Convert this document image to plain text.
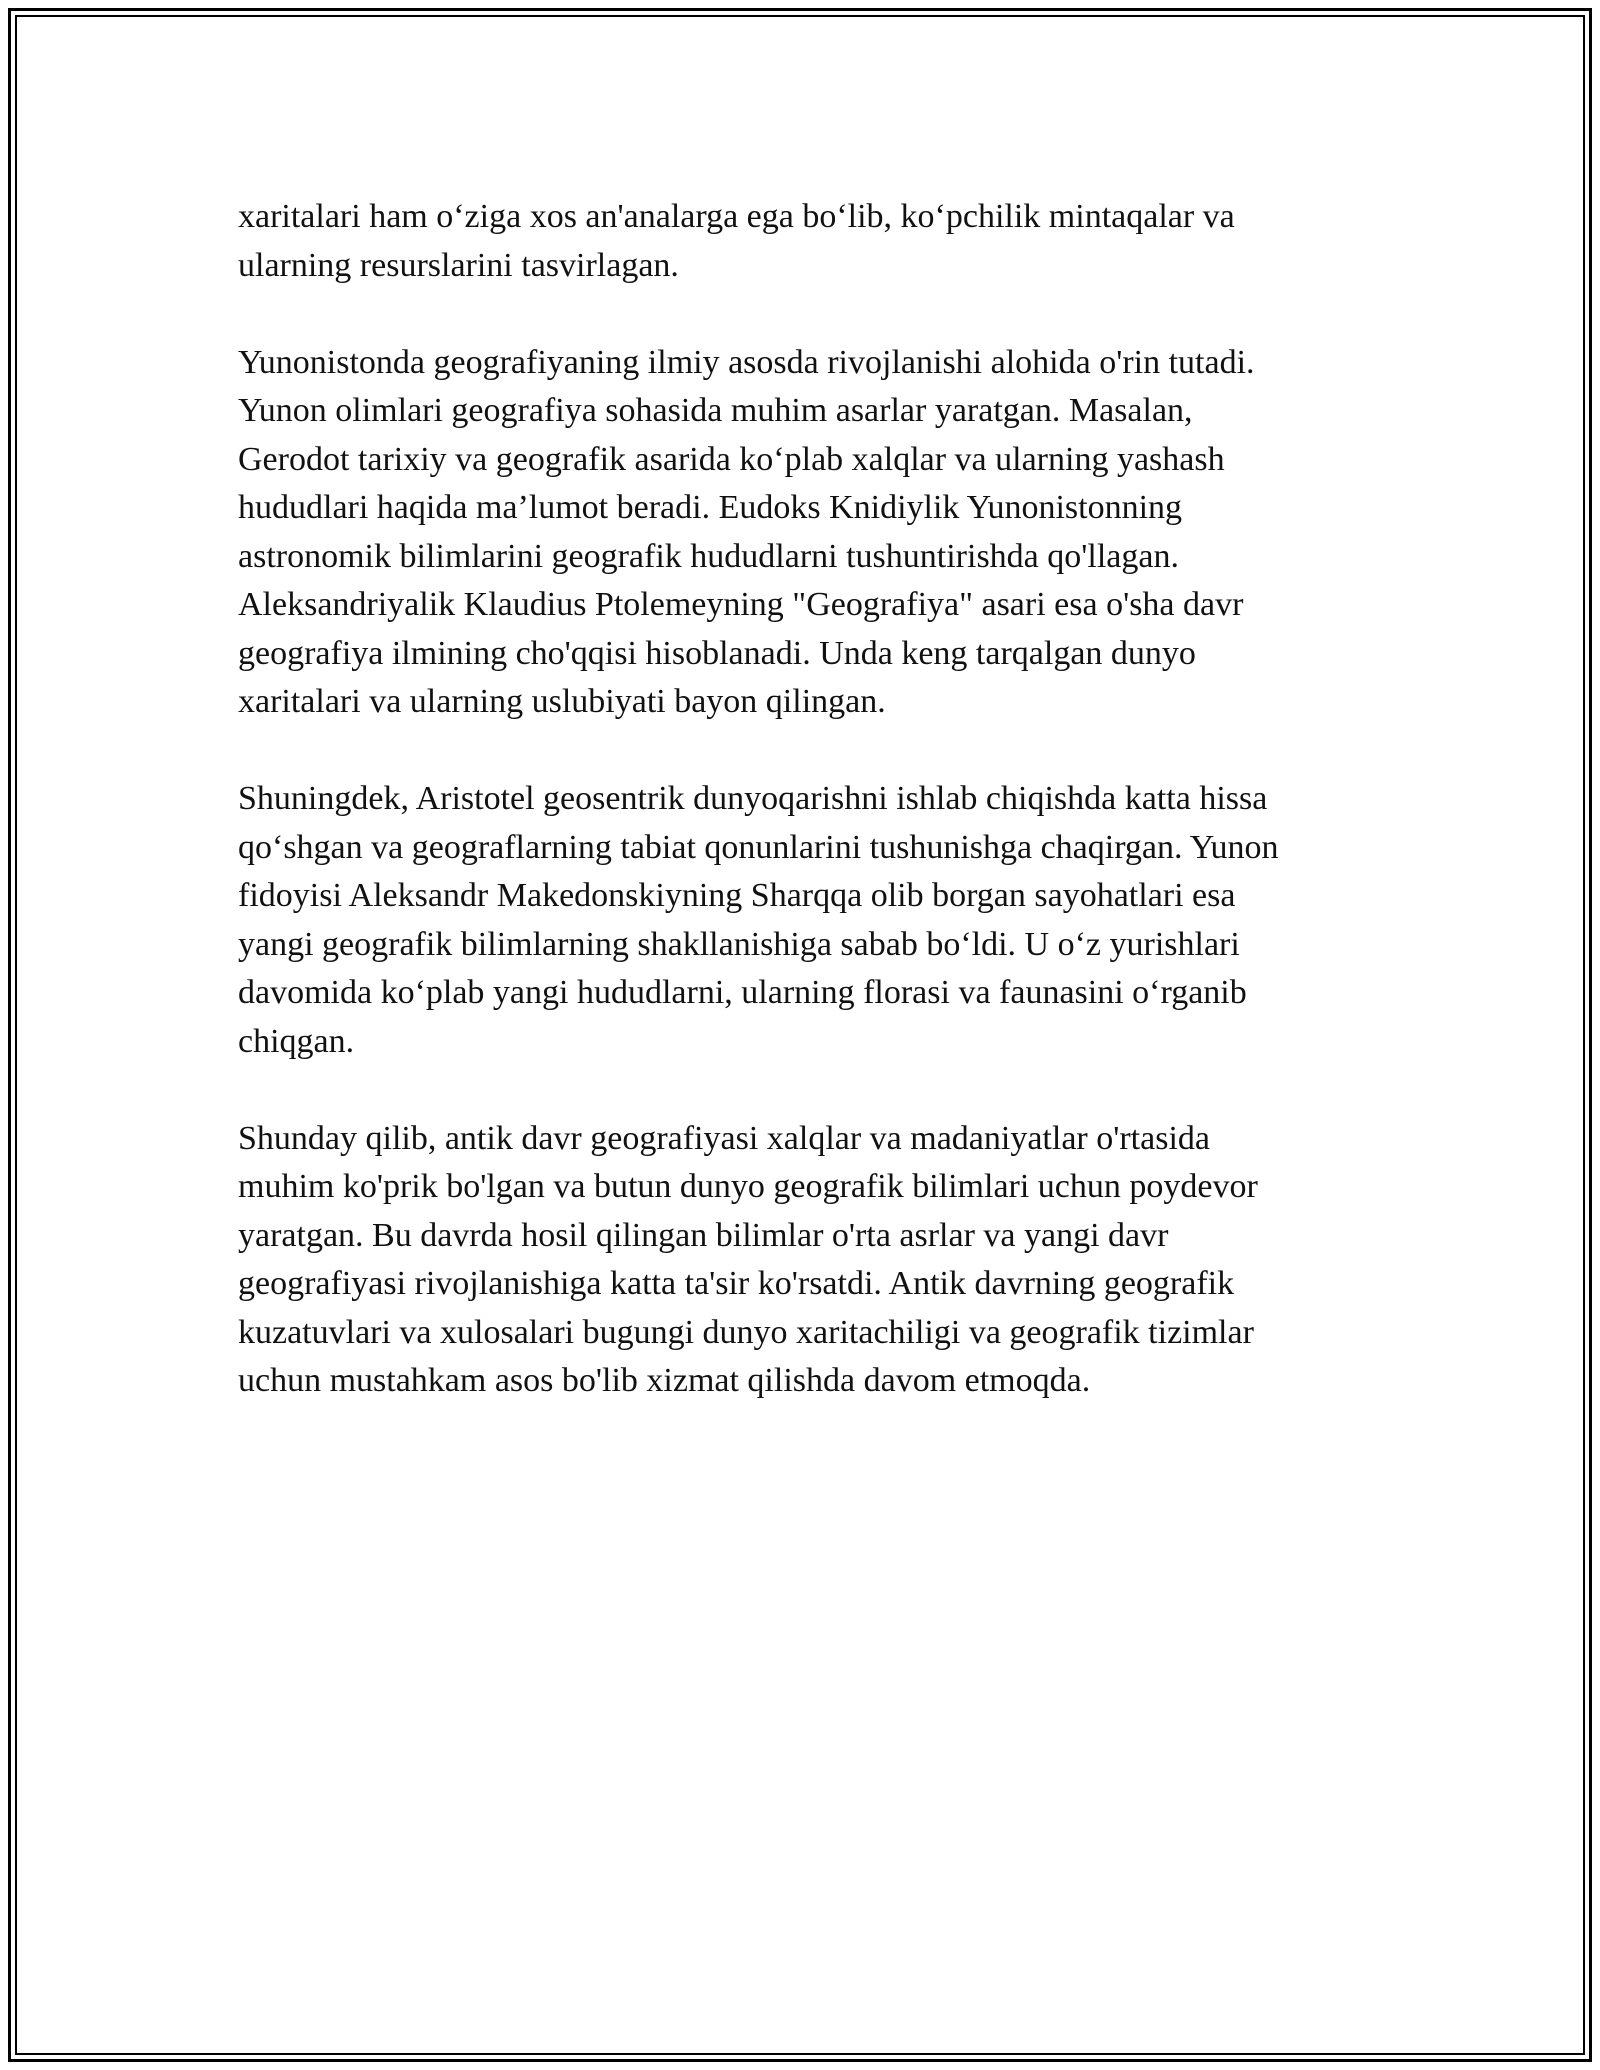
xaritalari ham o‘ziga xos an'analarga ega bo‘lib, ko‘pchilik mintaqalar va
ularning resurslarini tasvirlagan.

Yunonistonda geografiyaning ilmiy asosda rivojlanishi alohida o'rin tutadi.
Yunon olimlari geografiya sohasida muhim asarlar yaratgan. Masalan,
Gerodot tarixiy va geografik asarida ko‘plab xalqlar va ularning yashash
hududlari haqida ma’lumot beradi. Eudoks Knidiylik Yunonistonning
astronomik bilimlarini geografik hududlarni tushuntirishda qo'llagan.
Aleksandriyalik Klaudius Ptolemeyning "Geografiya" asari esa o'sha davr
geografiya ilmining cho'qqisi hisoblanadi. Unda keng tarqalgan dunyo
xaritalari va ularning uslubiyati bayon qilingan.

Shuningdek, Aristotel geosentrik dunyoqarishni ishlab chiqishda katta hissa
qo‘shgan va geograflarning tabiat qonunlarini tushunishga chaqirgan. Yunon
fidoyisi Aleksandr Makedonskiyning Sharqqa olib borgan sayohatlari esa
yangi geografik bilimlarning shakllanishiga sabab bo‘ldi. U o‘z yurishlari
davomida ko‘plab yangi hududlarni, ularning florasi va faunasini o‘rganib
chiqgan.

Shunday qilib, antik davr geografiyasi xalqlar va madaniyatlar o'rtasida
muhim ko'prik bo'lgan va butun dunyo geografik bilimlari uchun poydevor
yaratgan. Bu davrda hosil qilingan bilimlar o'rta asrlar va yangi davr
geografiyasi rivojlanishiga katta ta'sir ko'rsatdi. Antik davrning geografik
kuzatuvlari va xulosalari bugungi dunyo xaritachiligi va geografik tizimlar
uchun mustahkam asos bo'lib xizmat qilishda davom etmoqda.
